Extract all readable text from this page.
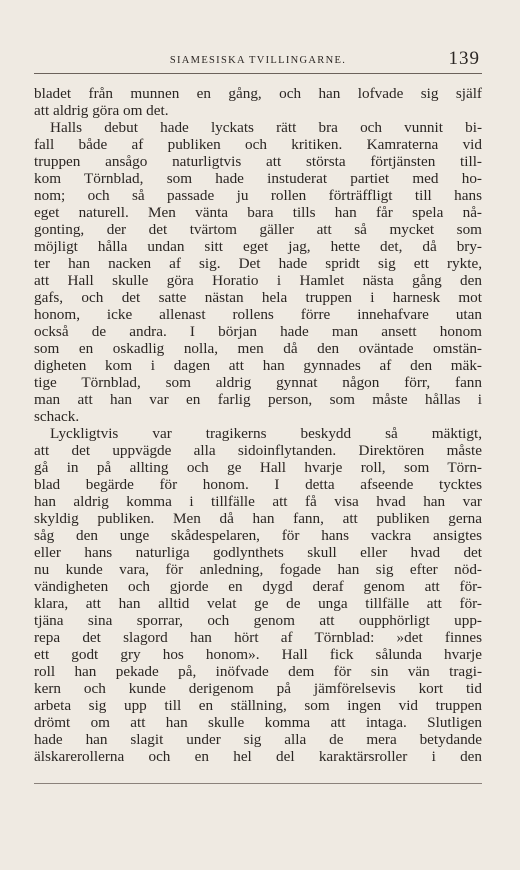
SIAMESISKA TVILLINGARNE.	139
bladet från munnen en gång, och han lofvade sig själf
att aldrig göra om det.
Halls debut hade lyckats rätt bra och vunnit bi-
fall både af publiken och kritiken. Kamraterna vid
truppen ansågo naturligtvis att största förtjänsten till-
kom Törnblad, som hade instuderat partiet med ho-
nom; och så passade ju rollen förträffligt till hans
eget naturell. Men vänta bara tills han får spela nå-
gonting, der det tvärtom gäller att så mycket som
möjligt hålla undan sitt eget jag, hette det, då bry-
ter han nacken af sig. Det hade spridt sig ett rykte,
att Hall skulle göra Horatio i Hamlet nästa gång den
gafs, och det satte nästan hela truppen i harnesk mot
honom, icke allenast rollens förre innehafvare utan
också de andra. I början hade man ansett honom
som en oskadlig nolla, men då den oväntade omstän-
digheten kom i dagen att han gynnades af den mäk-
tige Törnblad, som aldrig gynnat någon förr, fann
man att han var en farlig person, som måste hållas i
schack.
Lyckligtvis var tragikerns beskydd så mäktigt,
att det uppvägde alla sidoinflytanden. Direktören måste
gå in på allting och ge Hall hvarje roll, som Törn-
blad begärde för honom. I detta afseende tycktes
han aldrig komma i tillfälle att få visa hvad han var
skyldig publiken. Men då han fann, att publiken gerna
såg den unge skådespelaren, för hans vackra ansigtes
eller hans naturliga godlynthets skull eller hvad det
nu kunde vara, för anledning, fogade han sig efter nöd-
vändigheten och gjorde en dygd deraf genom att för-
klara, att han alltid velat ge de unga tillfälle att för-
tjäna sina sporrar, och genom att oupphörligt upp-
repa det slagord han hört af Törnblad: »det finnes
ett godt gry hos honom». Hall fick sålunda hvarje
roll han pekade på, inöfvade dem för sin vän tragi-
kern och kunde derigenom på jämförelsevis kort tid
arbeta sig upp till en ställning, som ingen vid truppen
drömt om att han skulle komma att intaga. Slutligen
hade han slagit under sig alla de mera betydande
älskarerollerna och en hel del karaktärsroller i den
